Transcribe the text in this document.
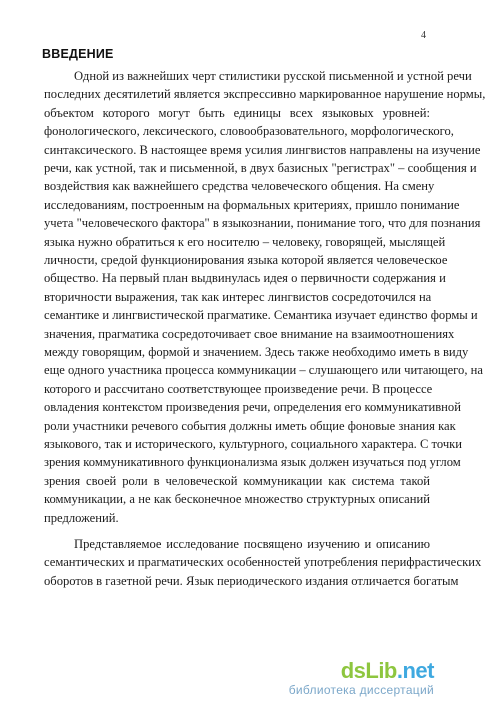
4
ВВЕДЕНИЕ
Одной из важнейших черт стилистики русской письменной и устной речи
последних десятилетий является экспрессивно маркированное нарушение нормы,
объектом которого могут быть единицы всех языковых уровней:
фонологического, лексического, словообразовательного, морфологического,
синтаксического. В настоящее время усилия лингвистов направлены на изучение
речи, как устной, так и письменной, в двух базисных "регистрах" – сообщения и
воздействия как важнейшего средства человеческого общения. На смену
исследованиям, построенным на формальных критериях, пришло понимание
учета "человеческого фактора" в языкознании, понимание того, что для познания
языка нужно обратиться к его носителю – человеку, говорящей, мыслящей
личности, средой функционирования языка которой является человеческое
общество. На первый план выдвинулась идея о первичности содержания и
вторичности выражения, так как интерес лингвистов сосредоточился на
семантике и лингвистической прагматике. Семантика изучает единство формы и
значения, прагматика сосредоточивает свое внимание на взаимоотношениях
между говорящим, формой и значением. Здесь также необходимо иметь в виду
еще одного участника процесса коммуникации – слушающего или читающего, на
которого и рассчитано соответствующее произведение речи. В процессе
овладения контекстом произведения речи, определения его коммуникативной
роли участники речевого события должны иметь общие фоновые знания как
языкового, так и исторического, культурного, социального характера. С точки
зрения коммуникативного функционализма язык должен изучаться под углом
зрения своей роли в человеческой коммуникации как система такой
коммуникации, а не как бесконечное множество структурных описаний
предложений.
Представляемое исследование посвящено изучению и описанию
семантических и прагматических особенностей употребления перифрастических
оборотов в газетной речи. Язык периодического издания отличается богатым
dsLib.net
библиотека диссертаций
